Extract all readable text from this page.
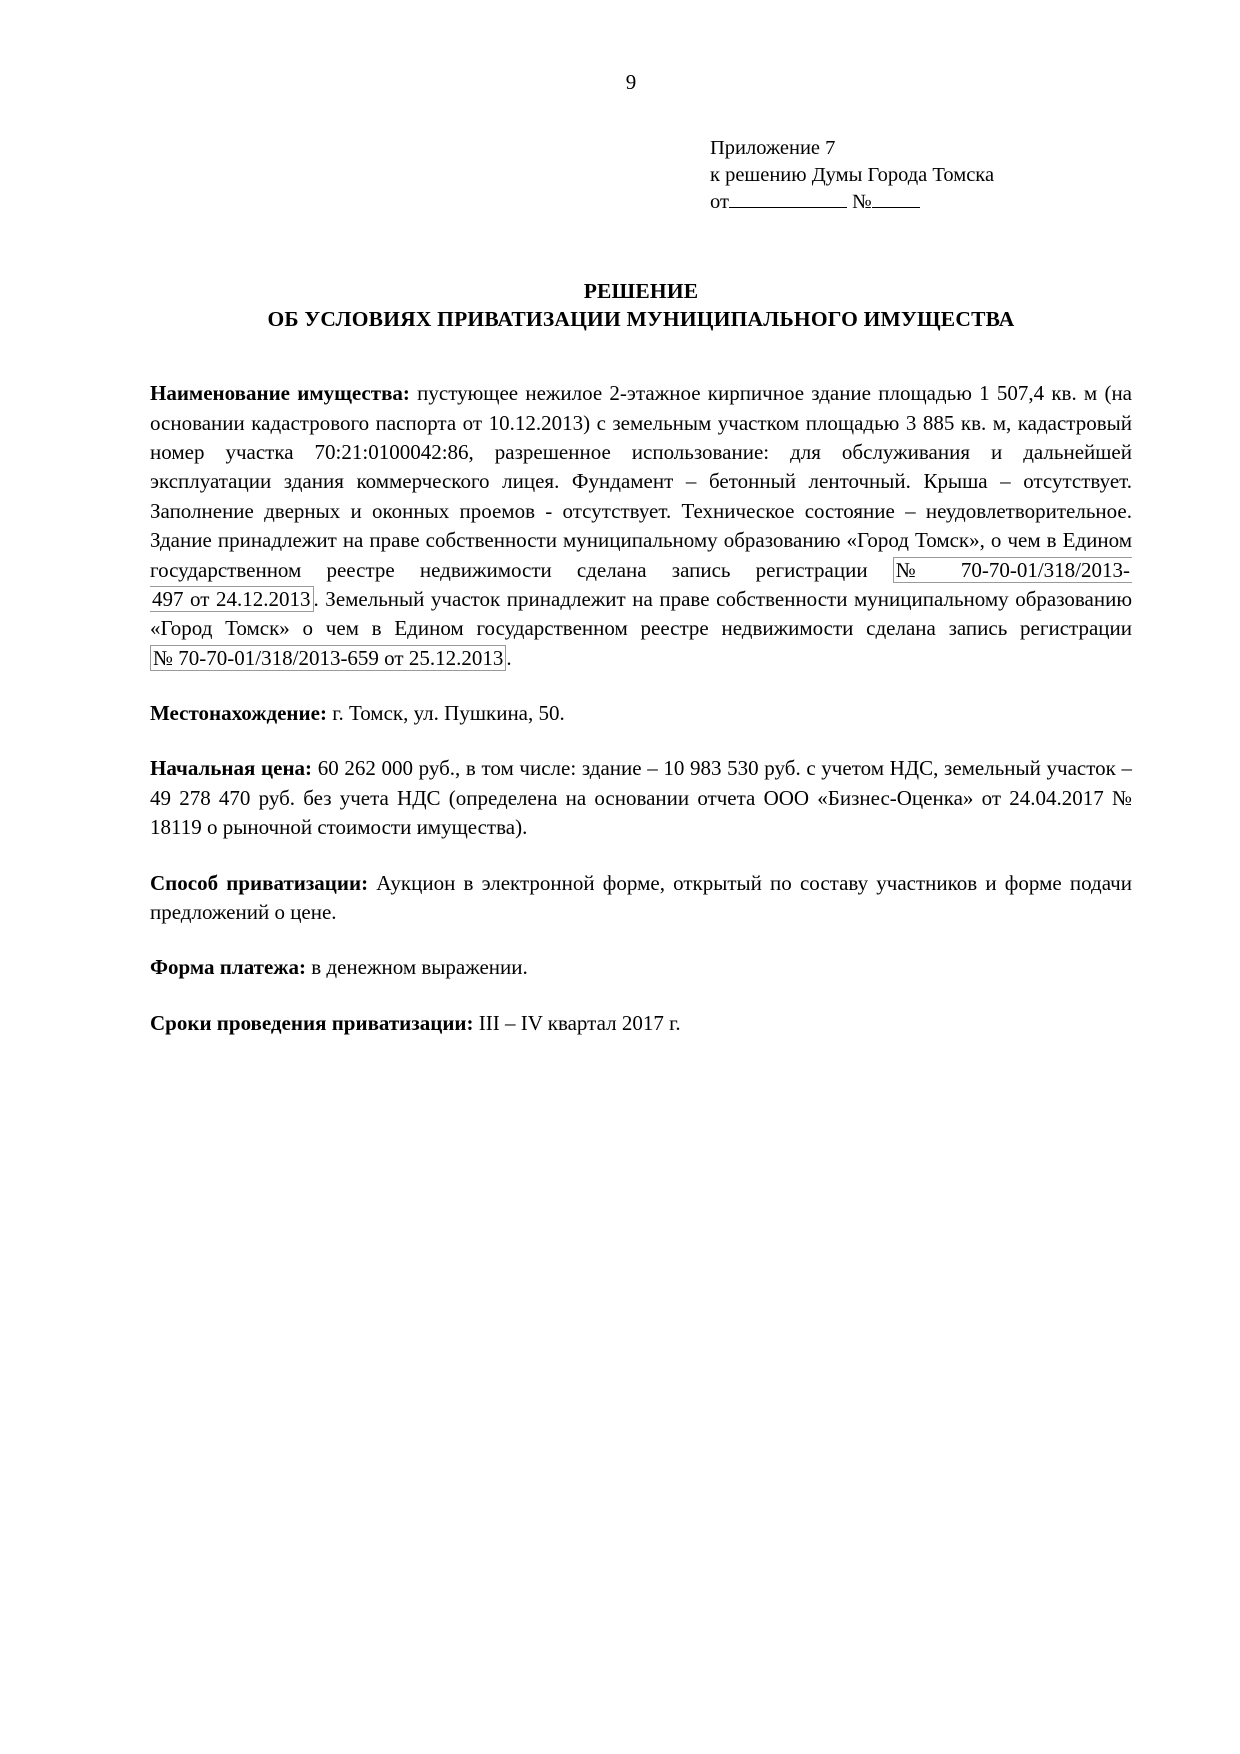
9
Приложение 7
к решению Думы Города Томска
от	№
РЕШЕНИЕ
ОБ УСЛОВИЯХ ПРИВАТИЗАЦИИ МУНИЦИПАЛЬНОГО ИМУЩЕСТВА

Наименование имущества: пустующее нежилое 2-этажное кирпичное здание площадью 1 507,4 кв. м (на основании кадастрового паспорта от 10.12.2013) с земельным участком площадью 3 885 кв. м, кадастровый номер участка 70:21:0100042:86, разрешенное использование: для обслуживания и дальнейшей эксплуатации здания коммерческого лицея. Фундамент – бетонный ленточный. Крыша – отсутствует. Заполнение дверных и оконных проемов - отсутствует. Техническое состояние – неудовлетворительное. Здание принадлежит на праве собственности муниципальному образованию «Город Томск», о чем в Едином государственном реестре недвижимости сделана запись регистрации № 70-70-01/318/2013-497 от 24.12.2013 . Земельный участок принадлежит на праве собственности муниципальному образованию «Город Томск» о чем в Едином государственном реестре недвижимости сделана запись регистрации № 70-70-01/318/2013-659 от 25.12.2013 .

Местонахождение: г. Томск, ул. Пушкина, 50.

Начальная цена: 60 262 000 руб., в том числе: здание – 10 983 530 руб. с учетом НДС, земельный участок – 49 278 470 руб. без учета НДС (определена на основании отчета ООО «Бизнес-Оценка» от 24.04.2017 № 18119 о рыночной стоимости имущества).

Способ приватизации: Аукцион в электронной форме, открытый по составу участников и форме подачи предложений о цене.

Форма платежа: в денежном выражении.

Сроки проведения приватизации: III – IV квартал 2017 г.
